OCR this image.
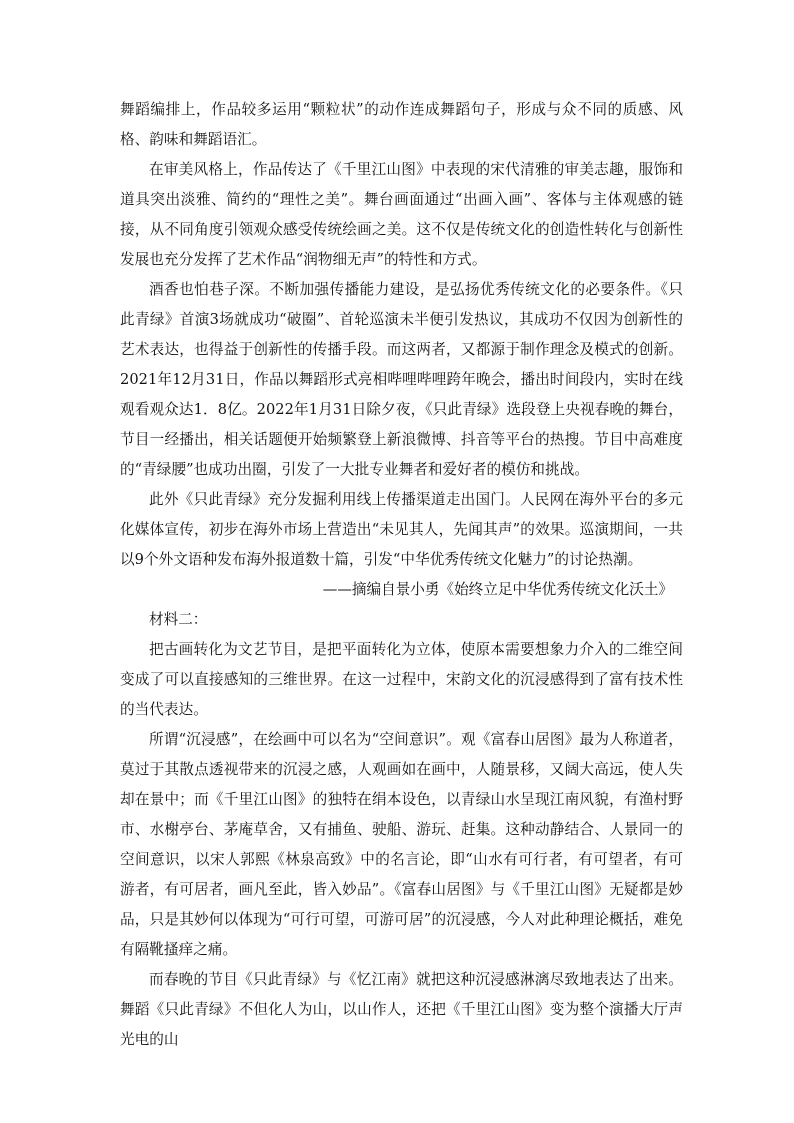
舞蹈编排上，作品较多运用“颗粒状”的动作连成舞蹈句子，形成与众不同的质感、风格、韵味和舞蹈语汇。

在审美风格上，作品传达了《千里江山图》中表现的宋代清雅的审美志趣，服饰和道具突出淡雅、简约的“理性之美”。舞台画面通过“出画入画”、客体与主体观感的链接，从不同角度引领观众感受传统绘画之美。这不仅是传统文化的创造性转化与创新性发展也充分发挥了艺术作品“润物细无声”的特性和方式。

酒香也怕巷子深。不断加强传播能力建设，是弘扬优秀传统文化的必要条件。《只此青绿》首演3场就成功“破圈”、首轮巡演未半便引发热议，其成功不仅因为创新性的艺术表达，也得益于创新性的传播手段。而这两者，又都源于制作理念及模式的创新。2021年12月31日，作品以舞蹈形式亮相哔哩哔哩跨年晚会，播出时间段内，实时在线观看观众达1．8亿。2022年1月31日除夕夜，《只此青绿》选段登上央视春晚的舞台，节目一经播出，相关话题便开始频繁登上新浪微博、抖音等平台的热搜。节目中高难度的“青绿腰”也成功出圈，引发了一大批专业舞者和爱好者的模仿和挑战。

此外《只此青绿》充分发掘利用线上传播渠道走出国门。人民网在海外平台的多元化媒体宣传，初步在海外市场上营造出“未见其人，先闻其声”的效果。巡演期间，一共以9个外文语种发布海外报道数十篇，引发“中华优秀传统文化魅力”的讨论热潮。

——摘编自景小勇《始终立足中华优秀传统文化沃土》

材料二：

把古画转化为文艺节目，是把平面转化为立体，使原本需要想象力介入的二维空间变成了可以直接感知的三维世界。在这一过程中，宋韵文化的沉浸感得到了富有技术性的当代表达。

所谓“沉浸感”，在绘画中可以名为“空间意识”。观《富春山居图》最为人称道者，莫过于其散点透视带来的沉浸之感，人观画如在画中，人随景移，又阔大高远，使人失却在景中；而《千里江山图》的独特在绢本设色，以青绿山水呈现江南风貌，有渔村野市、水榭亭台、茅庵草舍，又有捕鱼、驶船、游玩、赶集。这种动静结合、人景同一的空间意识，以宋人郭熙《林泉高致》中的名言论，即“山水有可行者，有可望者，有可游者，有可居者，画凡至此，皆入妙品”。《富春山居图》与《千里江山图》无疑都是妙品，只是其妙何以体现为“可行可望，可游可居”的沉浸感，今人对此种理论概括，难免有隔靴搔痒之痛。

而春晚的节目《只此青绿》与《忆江南》就把这种沉浸感淋漓尽致地表达了出来。舞蹈《只此青绿》不但化人为山，以山作人，还把《千里江山图》变为整个演播大厅声光电的山
